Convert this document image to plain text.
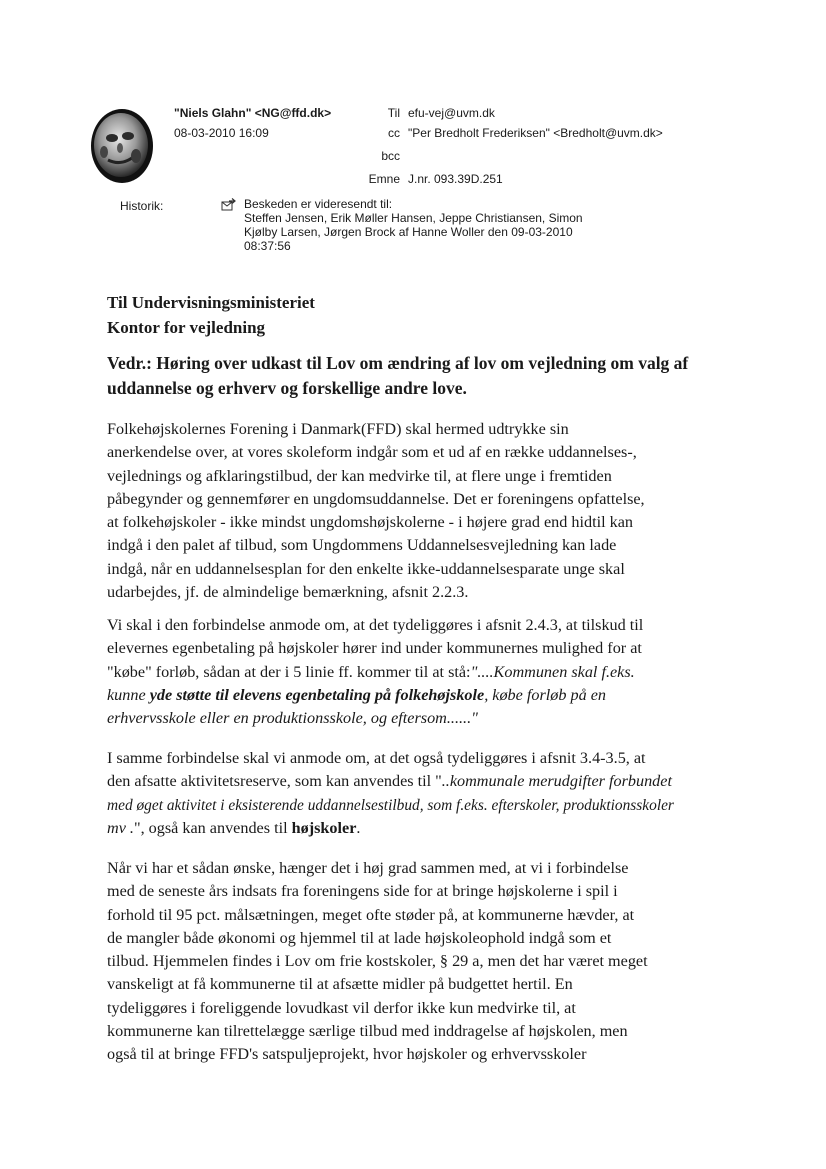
"Niels Glahn" <NG@ffd.dk>
08-03-2010 16:09
Til efu-vej@uvm.dk
cc "Per Bredholt Frederiksen" <Bredholt@uvm.dk>
bcc
Emne J.nr. 093.39D.251
Historik:	Beskeden er videresendt til:
Steffen Jensen, Erik Møller Hansen, Jeppe Christiansen, Simon
Kjølby Larsen, Jørgen Brock af Hanne Woller den 09-03-2010
08:37:56
Til Undervisningsministeriet
Kontor for vejledning
Vedr.: Høring over udkast til Lov om ændring af lov om vejledning om valg af
uddannelse og erhverv og forskellige andre love.
Folkehøjskolernes Forening i Danmark(FFD) skal hermed udtrykke sin
anerkendelse over, at vores skoleform indgår som et ud af en række uddannelses-,
vejlednings og afklaringstilbud, der kan medvirke til, at flere unge i fremtiden
påbegynder og gennemfører en ungdomsuddannelse. Det er foreningens opfattelse,
at folkehøjskoler - ikke mindst ungdomshøjskolerne - i højere grad end hidtil kan
indgå i den palet af tilbud, som Ungdommens Uddannelsesvejledning kan lade
indgå, når en uddannelsesplan for den enkelte ikke-uddannelsesparate unge skal
udarbejdes, jf. de almindelige bemærkning, afsnit 2.2.3.
Vi skal i den forbindelse anmode om, at det tydeliggøres i afsnit 2.4.3, at tilskud til
elevernes egenbetaling på højskoler hører ind under kommunernes mulighed for at
"købe" forløb, sådan at der i 5 linie ff. kommer til at stå:"....Kommunen skal f.eks.
kunne yde støtte til elevens egenbetaling på folkehøjskole, købe forløb på en
erhvervsskole eller en produktionsskole, og eftersom......"
I samme forbindelse skal vi anmode om, at det også tydeliggøres i afsnit 3.4-3.5, at
den afsatte aktivitetsreserve, som kan anvendes til "..kommunale merudgifter forbundet
med øget aktivitet i eksisterende uddannelsestilbud, som f.eks. efterskoler, produktionsskoler
mv .", også kan anvendes til højskoler.
Når vi har et sådan ønske, hænger det i høj grad sammen med, at vi i forbindelse
med de seneste års indsats fra foreningens side for at bringe højskolerne i spil i
forhold til 95 pct. målsætningen, meget ofte støder på, at kommunerne hævder, at
de mangler både økonomi og hjemmel til at lade højskoleophold indgå som et
tilbud. Hjemmelen findes i Lov om frie kostskoler, § 29 a, men det har været meget
vanskeligt at få kommunerne til at afsætte midler på budgettet hertil. En
tydeliggøres i foreliggende lovudkast vil derfor ikke kun medvirke til, at
kommunerne kan tilrettelægge særlige tilbud med inddragelse af højskolen, men
også til at bringe FFD's satspuljeprojekt, hvor højskoler og erhvervsskoler
